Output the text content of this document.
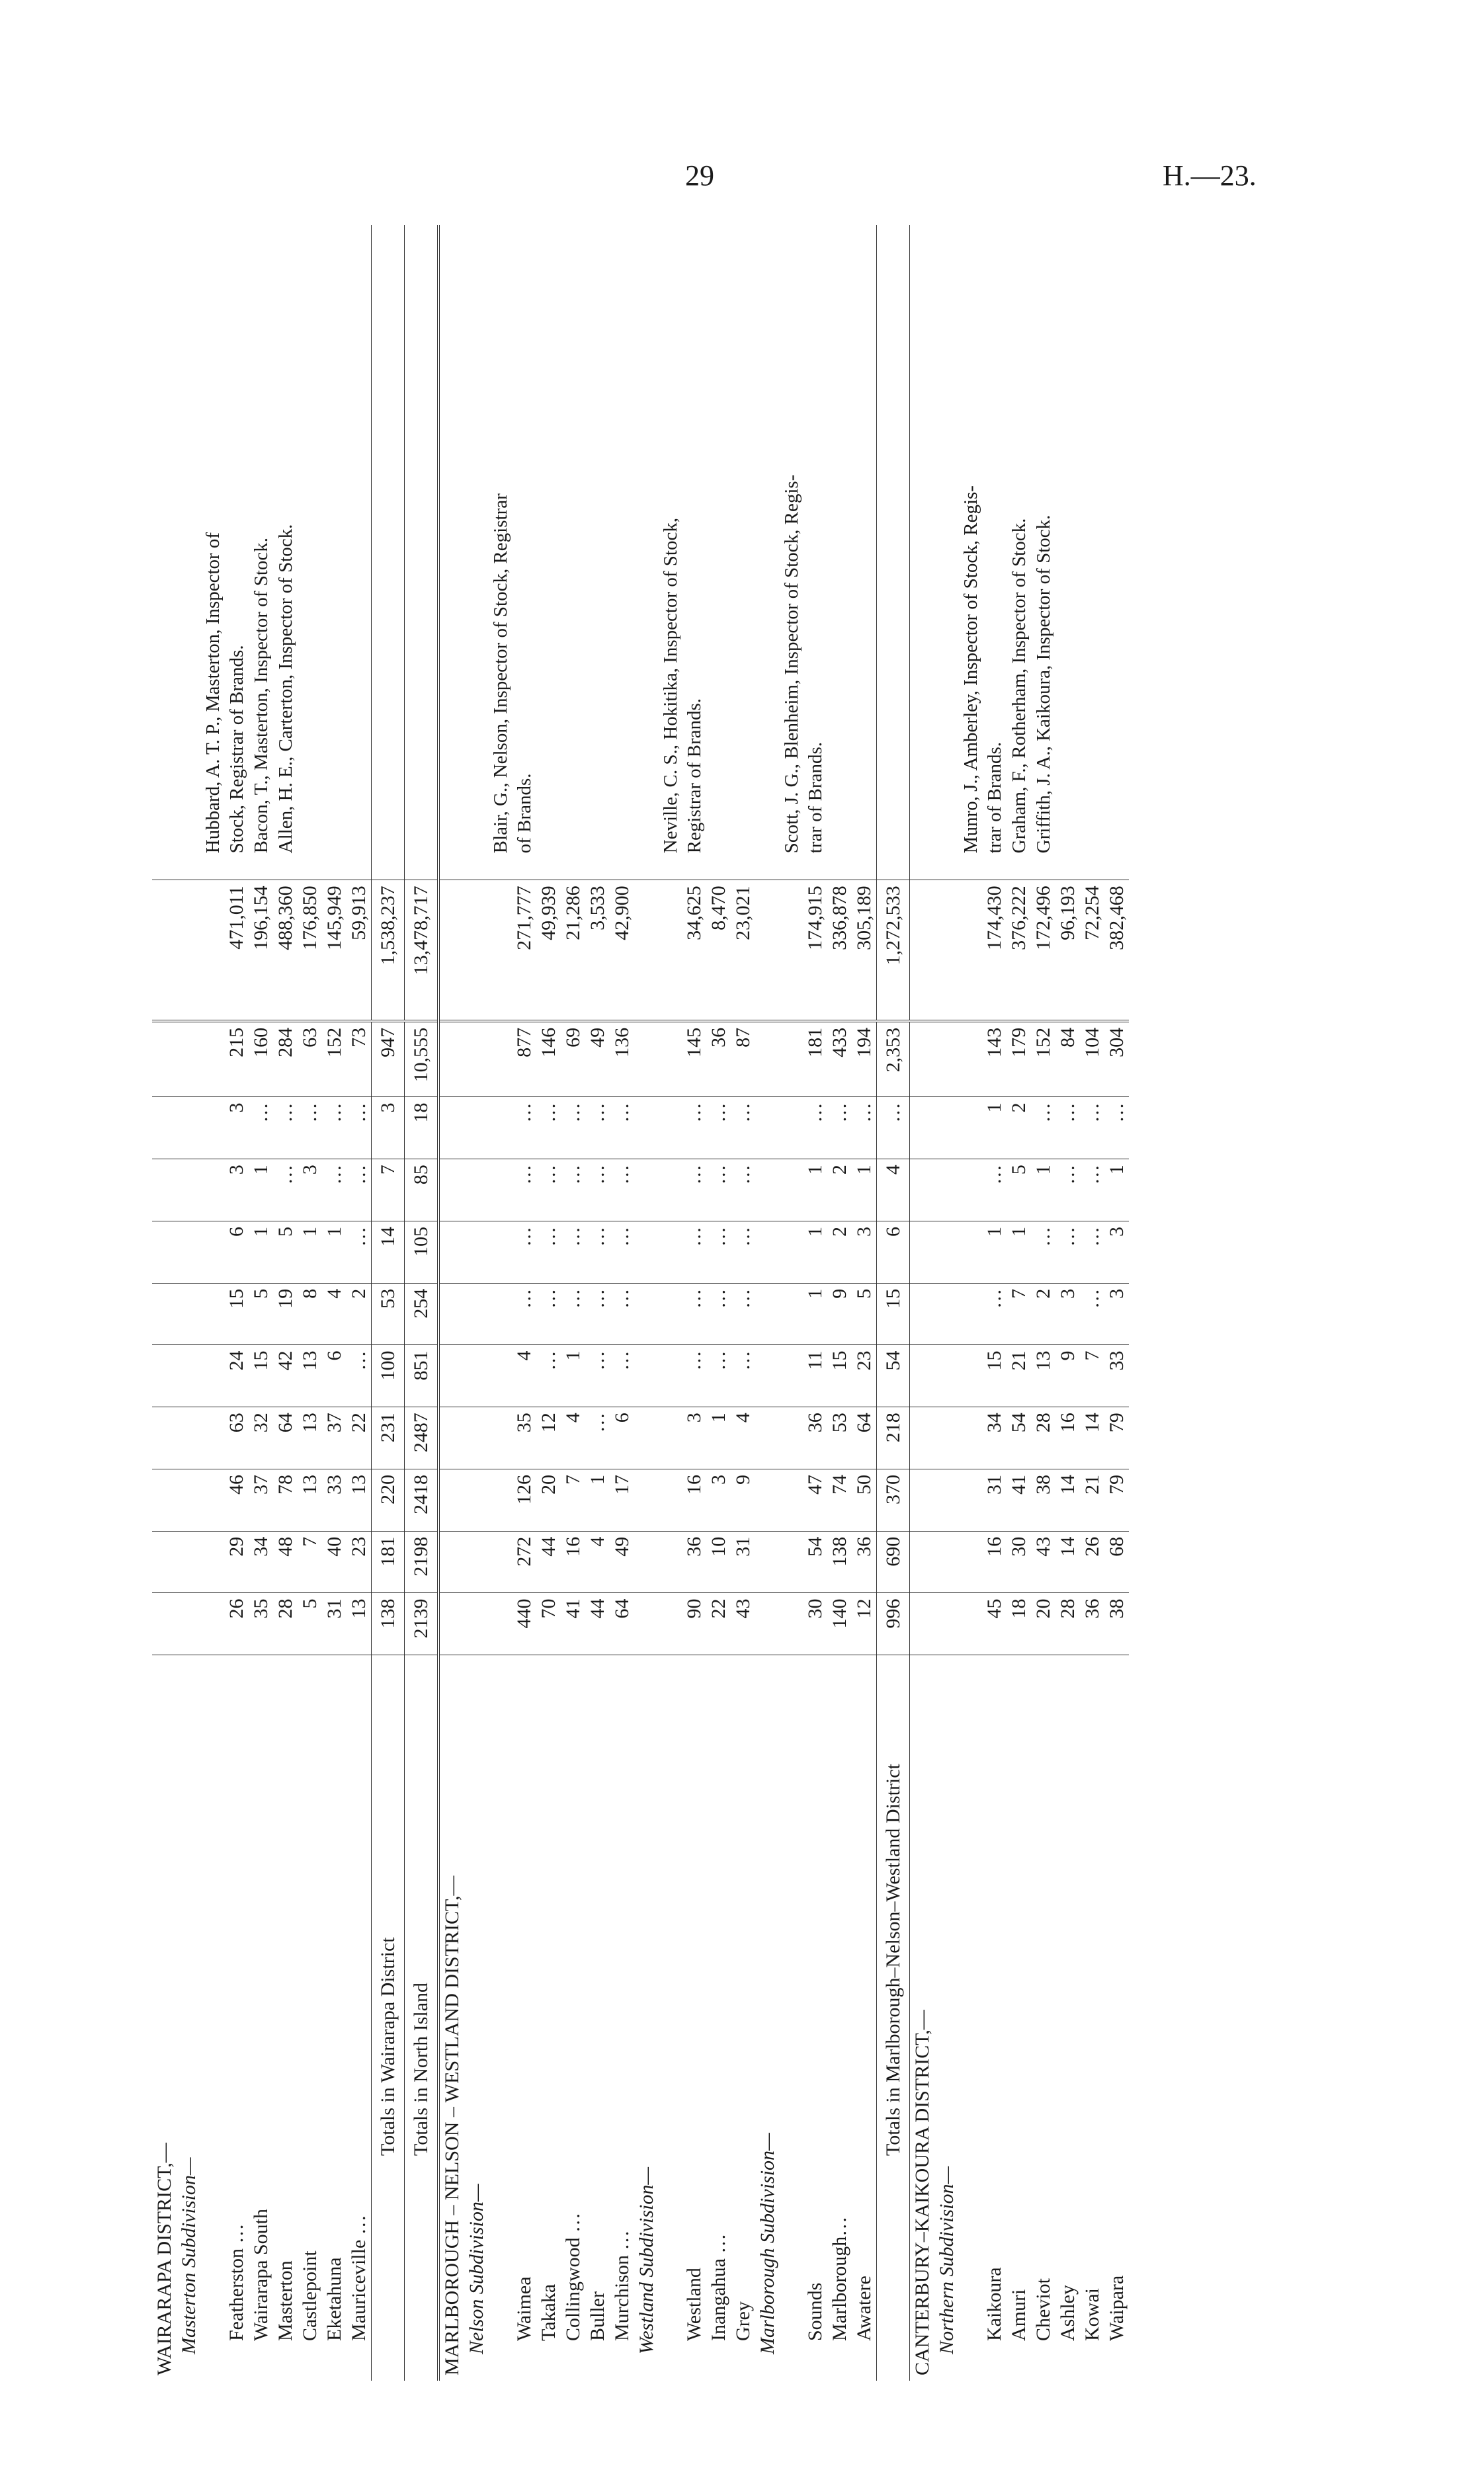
29	H.—23.
WAIRARAPA DISTRICT,—												
Masterton Subdivision—												
Featherston …	26	29	46	63	24	15	6	3	3	215	471,011	Hubbard, A. T. P., Masterton, Inspector of Stock, Registrar of Brands.

Wairarapa South	35	34	37	32	15	5	1	1	…	160	196,154	Bacon, T., Masterton, Inspector of Stock.

Masterton	28	48	78	64	42	19	5	…	…	284	488,360	Allen, H. E., Carterton, Inspector of Stock.

Castlepoint	5	7	13	13	13	8	1	3	…	63	176,850	
Eketahuna	31	40	33	37	6	4	1	…	…	152	145,949	
Mauriceville …	13	23	13	22	…	2	…	…	…	73	59,913	
Totals in Wairarapa District	138	181	220	231	100	53	14	7	3	947	1,538,237	
Totals in North Island	2139	2198	2418	2487	851	254	105	85	18	10,555	13,478,717	
MARLBOROUGH – NELSON – WESTLAND DISTRICT,—												
Nelson Subdivision—												
Waimea	440	272	126	35	4	…	…	…	…	877	271,777	Blair, G., Nelson, Inspector of Stock, Registrar of Brands.

Takaka	70	44	20	12	…	…	…	…	…	146	49,939	
Collingwood …	41	16	7	4	1	…	…	…	…	69	21,286	
Buller	44	4	1	…	…	…	…	…	…	49	3,533	
Murchison …	64	49	17	6	…	…	…	…	…	136	42,900	
Westland Subdivision—												
Westland	90	36	16	3	…	…	…	…	…	145	34,625	Neville, C. S., Hokitika, Inspector of Stock, Registrar of Brands.

Inangahua …	22	10	3	1	…	…	…	…	…	36	8,470	
Grey	43	31	9	4	…	…	…	…	…	87	23,021	
Marlborough Subdivision—												
Sounds	30	54	47	36	11	1	1	1	…	181	174,915	Scott, J. G., Blenheim, Inspector of Stock, Regis- trar of Brands.

Marlborough…	140	138	74	53	15	9	2	2	…	433	336,878	
Awatere	12	36	50	64	23	5	3	1	…	194	305,189	
Totals in Marlborough–Nelson–Westland District	996	690	370	218	54	15	6	4	…	2,353	1,272,533	
CANTERBURY–KAIKOURA DISTRICT,—												
Northern Subdivision—												
Kaikoura	45	16	31	34	15	…	1	…	1	143	174,430	Munro, J., Amberley, Inspector of Stock, Regis- trar of Brands.

Amuri	18	30	41	54	21	7	1	5	2	179	376,222	Graham, F., Rotherham, Inspector of Stock.

Cheviot	20	43	38	28	13	2	…	1	…	152	172,496	Griffith, J. A., Kaikoura, Inspector of Stock.

Ashley	28	14	14	16	9	3	…	…	…	84	96,193	
Kowai	36	26	21	14	7	…	…	…	…	104	72,254	
Waipara	38	68	79	79	33	3	3	1	…	304	382,468	
